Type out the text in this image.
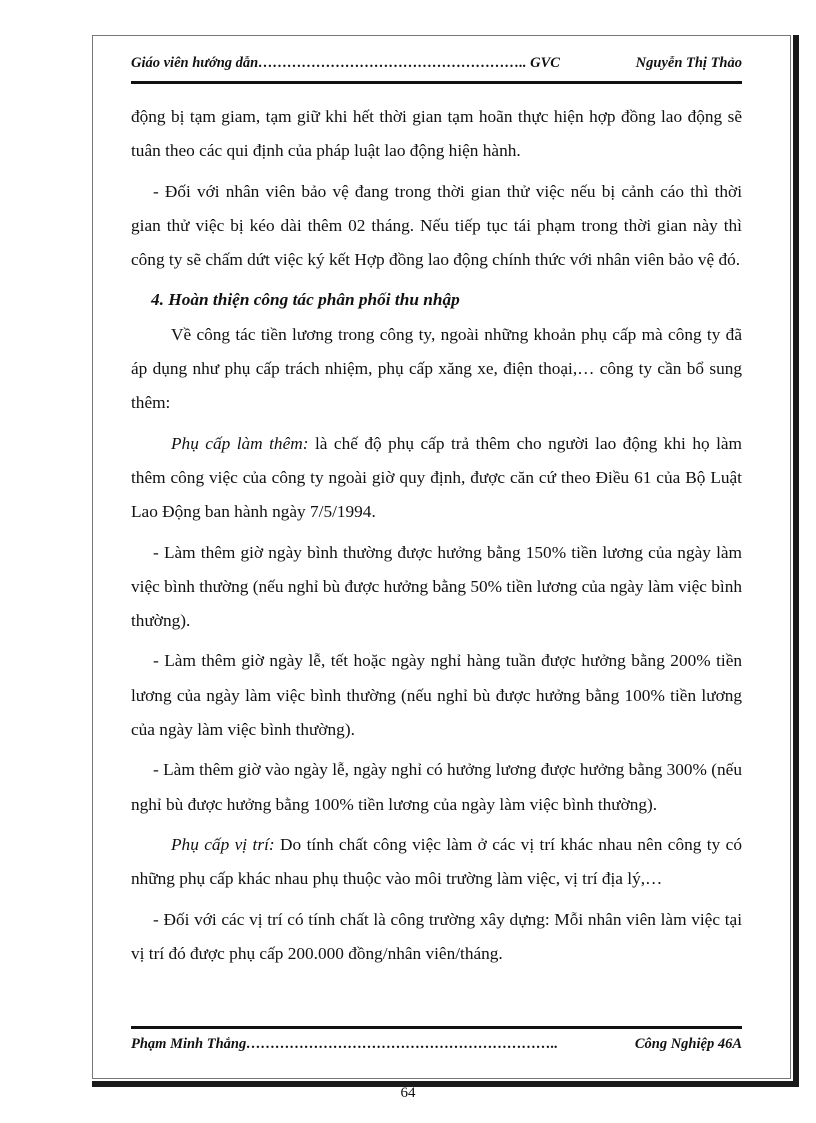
Giáo viên hướng dẫn……………………………………………….. GVC	Nguyễn Thị Thảo

động bị tạm giam, tạm giữ khi hết thời gian tạm hoãn thực hiện hợp đồng lao động sẽ tuân theo các qui định của pháp luật lao động hiện hành.

- Đối với nhân viên bảo vệ đang trong thời gian thử việc nếu bị cảnh cáo thì thời gian thử việc bị kéo dài thêm 02 tháng. Nếu tiếp tục tái phạm trong thời gian này thì công ty sẽ chấm dứt việc ký kết Hợp đồng lao động chính thức với nhân viên bảo vệ đó.

4. Hoàn thiện công tác phân phối thu nhập

Về công tác tiền lương trong công ty, ngoài những khoản phụ cấp mà công ty đã áp dụng như phụ cấp trách nhiệm, phụ cấp xăng xe, điện thoại,… công ty cần bổ sung thêm:

Phụ cấp làm thêm: là chế độ phụ cấp trả thêm cho người lao động khi họ làm thêm công việc của công ty ngoài giờ quy định, được căn cứ theo Điều 61 của Bộ Luật Lao Động ban hành ngày 7/5/1994.

- Làm thêm giờ ngày bình thường được hưởng bằng 150% tiền lương của ngày làm việc bình thường (nếu nghỉ bù được hưởng bằng 50% tiền lương của ngày làm việc bình thường).

- Làm thêm giờ ngày lễ, tết hoặc ngày nghỉ hàng tuần được hưởng bằng 200% tiền lương của ngày làm việc bình thường (nếu nghỉ bù được hưởng bằng 100% tiền lương của ngày làm việc bình thường).

- Làm thêm giờ vào ngày lễ, ngày nghỉ có hưởng lương được hưởng bằng 300% (nếu nghỉ bù được hưởng bằng 100% tiền lương của ngày làm việc bình thường).

Phụ cấp vị trí: Do tính chất công việc làm ở các vị trí khác nhau nên công ty có những phụ cấp khác nhau phụ thuộc vào môi trường làm việc, vị trí địa lý,…

- Đối với các vị trí có tính chất là công trường xây dựng: Mỗi nhân viên làm việc tại vị trí đó được phụ cấp 200.000 đồng/nhân viên/tháng.

Phạm Minh Thắng………………………………………………………..	Công Nghiệp 46A
64
